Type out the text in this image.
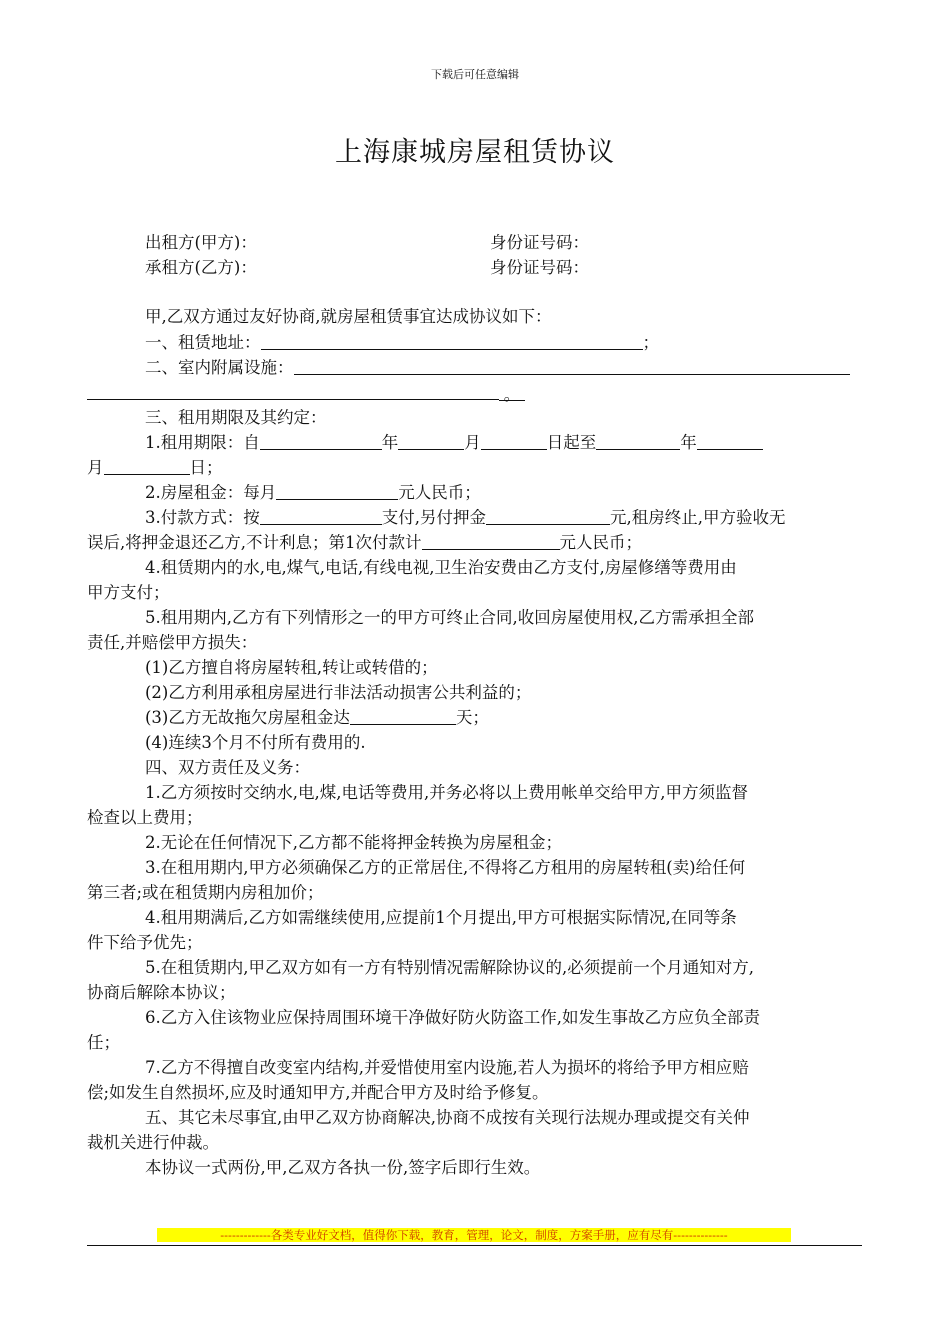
下载后可任意编辑
上海康城房屋租赁协议
出租方(甲方)：	身份证号码：
承租方(乙方)：	身份证号码：
甲,乙双方通过友好协商,就房屋租赁事宜达成协议如下：
一、租赁地址：	；
二、室内附属设施：
。
三、租用期限及其约定：
1.租用期限：自	年	月	日起至	年
月	日；
2.房屋租金：每月	元人民币；
3.付款方式：按	支付,另付押金	元,租房终止,甲方验收无
误后,将押金退还乙方,不计利息；第1次付款计	元人民币；
4.租赁期内的水,电,煤气,电话,有线电视,卫生治安费由乙方支付,房屋修缮等费用由
甲方支付；
5.租用期内,乙方有下列情形之一的甲方可终止合同,收回房屋使用权,乙方需承担全部
责任,并赔偿甲方损失：
(1)乙方擅自将房屋转租,转让或转借的；
(2)乙方利用承租房屋进行非法活动损害公共利益的；
(3)乙方无故拖欠房屋租金达	天；
(4)连续3个月不付所有费用的.
四、双方责任及义务：
1.乙方须按时交纳水,电,煤,电话等费用,并务必将以上费用帐单交给甲方,甲方须监督
检查以上费用；
2.无论在任何情况下,乙方都不能将押金转换为房屋租金；
3.在租用期内,甲方必须确保乙方的正常居住,不得将乙方租用的房屋转租(卖)给任何
第三者;或在租赁期内房租加价；
4.租用期满后,乙方如需继续使用,应提前1个月提出,甲方可根据实际情况,在同等条
件下给予优先；
5.在租赁期内,甲乙双方如有一方有特别情况需解除协议的,必须提前一个月通知对方,
协商后解除本协议；
6.乙方入住该物业应保持周围环境干净做好防火防盗工作,如发生事故乙方应负全部责
任；
7.乙方不得擅自改变室内结构,并爱惜使用室内设施,若人为损坏的将给予甲方相应赔
偿;如发生自然损坏,应及时通知甲方,并配合甲方及时给予修复。
五、其它未尽事宜,由甲乙双方协商解决,协商不成按有关现行法规办理或提交有关仲
裁机关进行仲裁。
本协议一式两份,甲,乙双方各执一份,签字后即行生效。
-------------各类专业好文档，值得你下载，教育，管理，论文，制度，方案手册，应有尽有--------------
